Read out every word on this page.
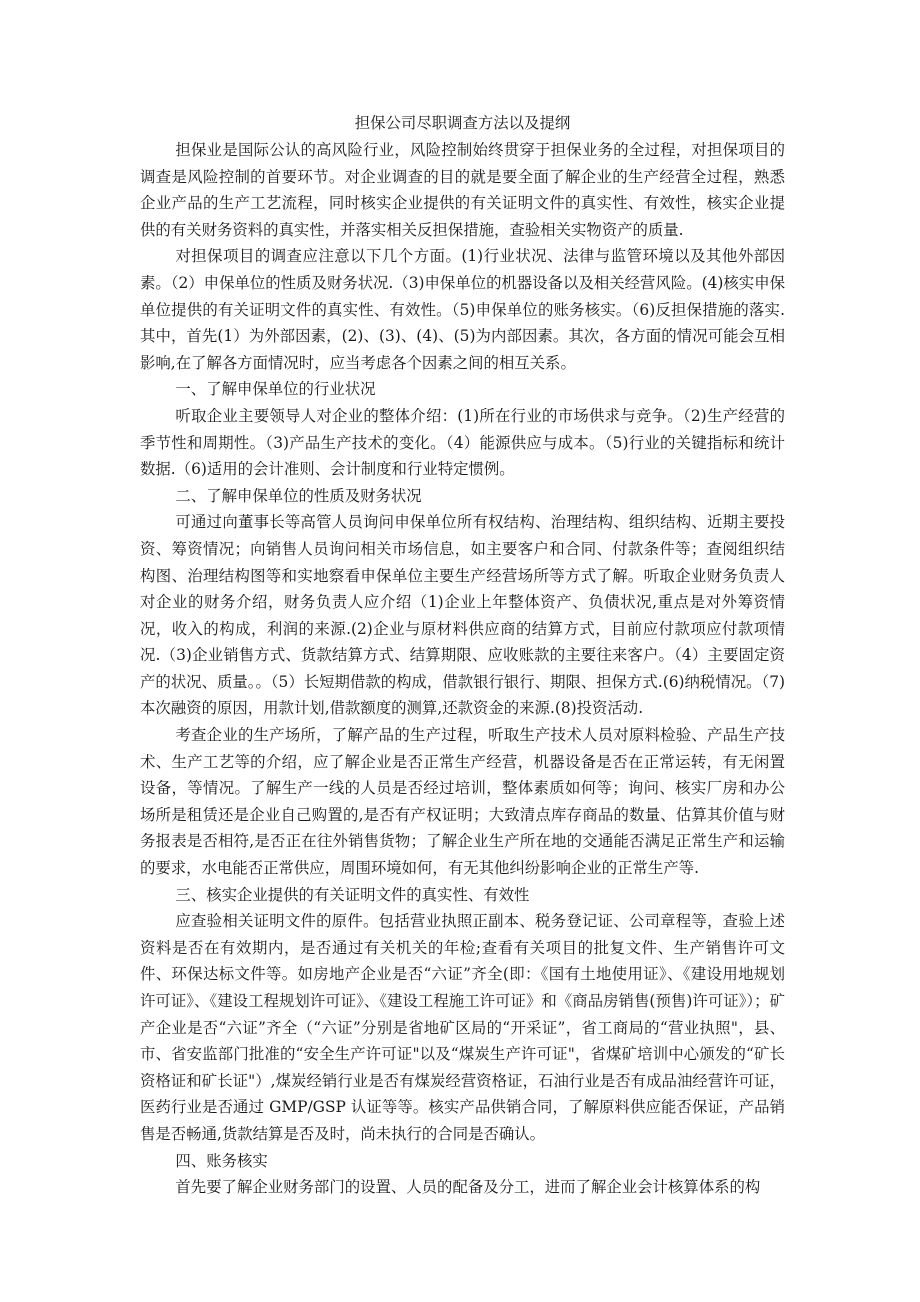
担保公司尽职调查方法以及提纲

担保业是国际公认的高风险行业，风险控制始终贯穿于担保业务的全过程，对担保项目的调查是风险控制的首要环节。对企业调查的目的就是要全面了解企业的生产经营全过程，熟悉企业产品的生产工艺流程，同时核实企业提供的有关证明文件的真实性、有效性，核实企业提供的有关财务资料的真实性，并落实相关反担保措施，查验相关实物资产的质量.

对担保项目的调查应注意以下几个方面。(1)行业状况、法律与监管环境以及其他外部因素。（2）申保单位的性质及财务状况.（3)申保单位的机器设备以及相关经营风险。(4)核实申保单位提供的有关证明文件的真实性、有效性。（5)申保单位的账务核实。（6)反担保措施的落实.其中，首先(1）为外部因素，(2)、(3)、(4)、(5)为内部因素。其次，各方面的情况可能会互相影响,在了解各方面情况时，应当考虑各个因素之间的相互关系。

一、了解申保单位的行业状况

听取企业主要领导人对企业的整体介绍：(1)所在行业的市场供求与竞争。（2)生产经营的季节性和周期性。（3)产品生产技术的变化。（4）能源供应与成本。（5)行业的关键指标和统计数据.（6)适用的会计准则、会计制度和行业特定惯例。

二、了解申保单位的性质及财务状况

可通过向董事长等高管人员询问申保单位所有权结构、治理结构、组织结构、近期主要投资、筹资情况；向销售人员询问相关市场信息，如主要客户和合同、付款条件等；查阅组织结构图、治理结构图等和实地察看申保单位主要生产经营场所等方式了解。听取企业财务负责人对企业的财务介绍，财务负责人应介绍（1)企业上年整体资产、负债状况,重点是对外筹资情况，收入的构成，利润的来源.(2)企业与原材料供应商的结算方式，目前应付款项应付款项情况.（3)企业销售方式、货款结算方式、结算期限、应收账款的主要往来客户。（4）主要固定资产的状况、质量。。（5）长短期借款的构成，借款银行银行、期限、担保方式.(6)纳税情况。（7)本次融资的原因，用款计划,借款额度的测算,还款资金的来源.(8)投资活动.

考查企业的生产场所，了解产品的生产过程，听取生产技术人员对原料检验、产品生产技术、生产工艺等的介绍，应了解企业是否正常生产经营，机器设备是否在正常运转，有无闲置设备，等情况。了解生产一线的人员是否经过培训，整体素质如何等；询问、核实厂房和办公场所是租赁还是企业自己购置的,是否有产权证明；大致清点库存商品的数量、估算其价值与财务报表是否相符,是否正在往外销售货物；了解企业生产所在地的交通能否满足正常生产和运输的要求，水电能否正常供应，周围环境如何，有无其他纠纷影响企业的正常生产等.

三、核实企业提供的有关证明文件的真实性、有效性

应查验相关证明文件的原件。包括营业执照正副本、税务登记证、公司章程等，查验上述资料是否在有效期内，是否通过有关机关的年检;查看有关项目的批复文件、生产销售许可文件、环保达标文件等。如房地产企业是否“六证”齐全(即：《国有土地使用证》、《建设用地规划许可证》、《建设工程规划许可证》、《建设工程施工许可证》和《商品房销售(预售)许可证》）；矿产企业是否“六证”齐全（“六证”分别是省地矿区局的“开采证”，省工商局的“营业执照"，县、市、省安监部门批准的“安全生产许可证"以及“煤炭生产许可证"，省煤矿培训中心颁发的“矿长资格证和矿长证"）,煤炭经销行业是否有煤炭经营资格证，石油行业是否有成品油经营许可证，医药行业是否通过 GMP/GSP 认证等等。核实产品供销合同，了解原料供应能否保证，产品销售是否畅通,货款结算是否及时，尚未执行的合同是否确认。

四、账务核实

首先要了解企业财务部门的设置、人员的配备及分工，进而了解企业会计核算体系的构
